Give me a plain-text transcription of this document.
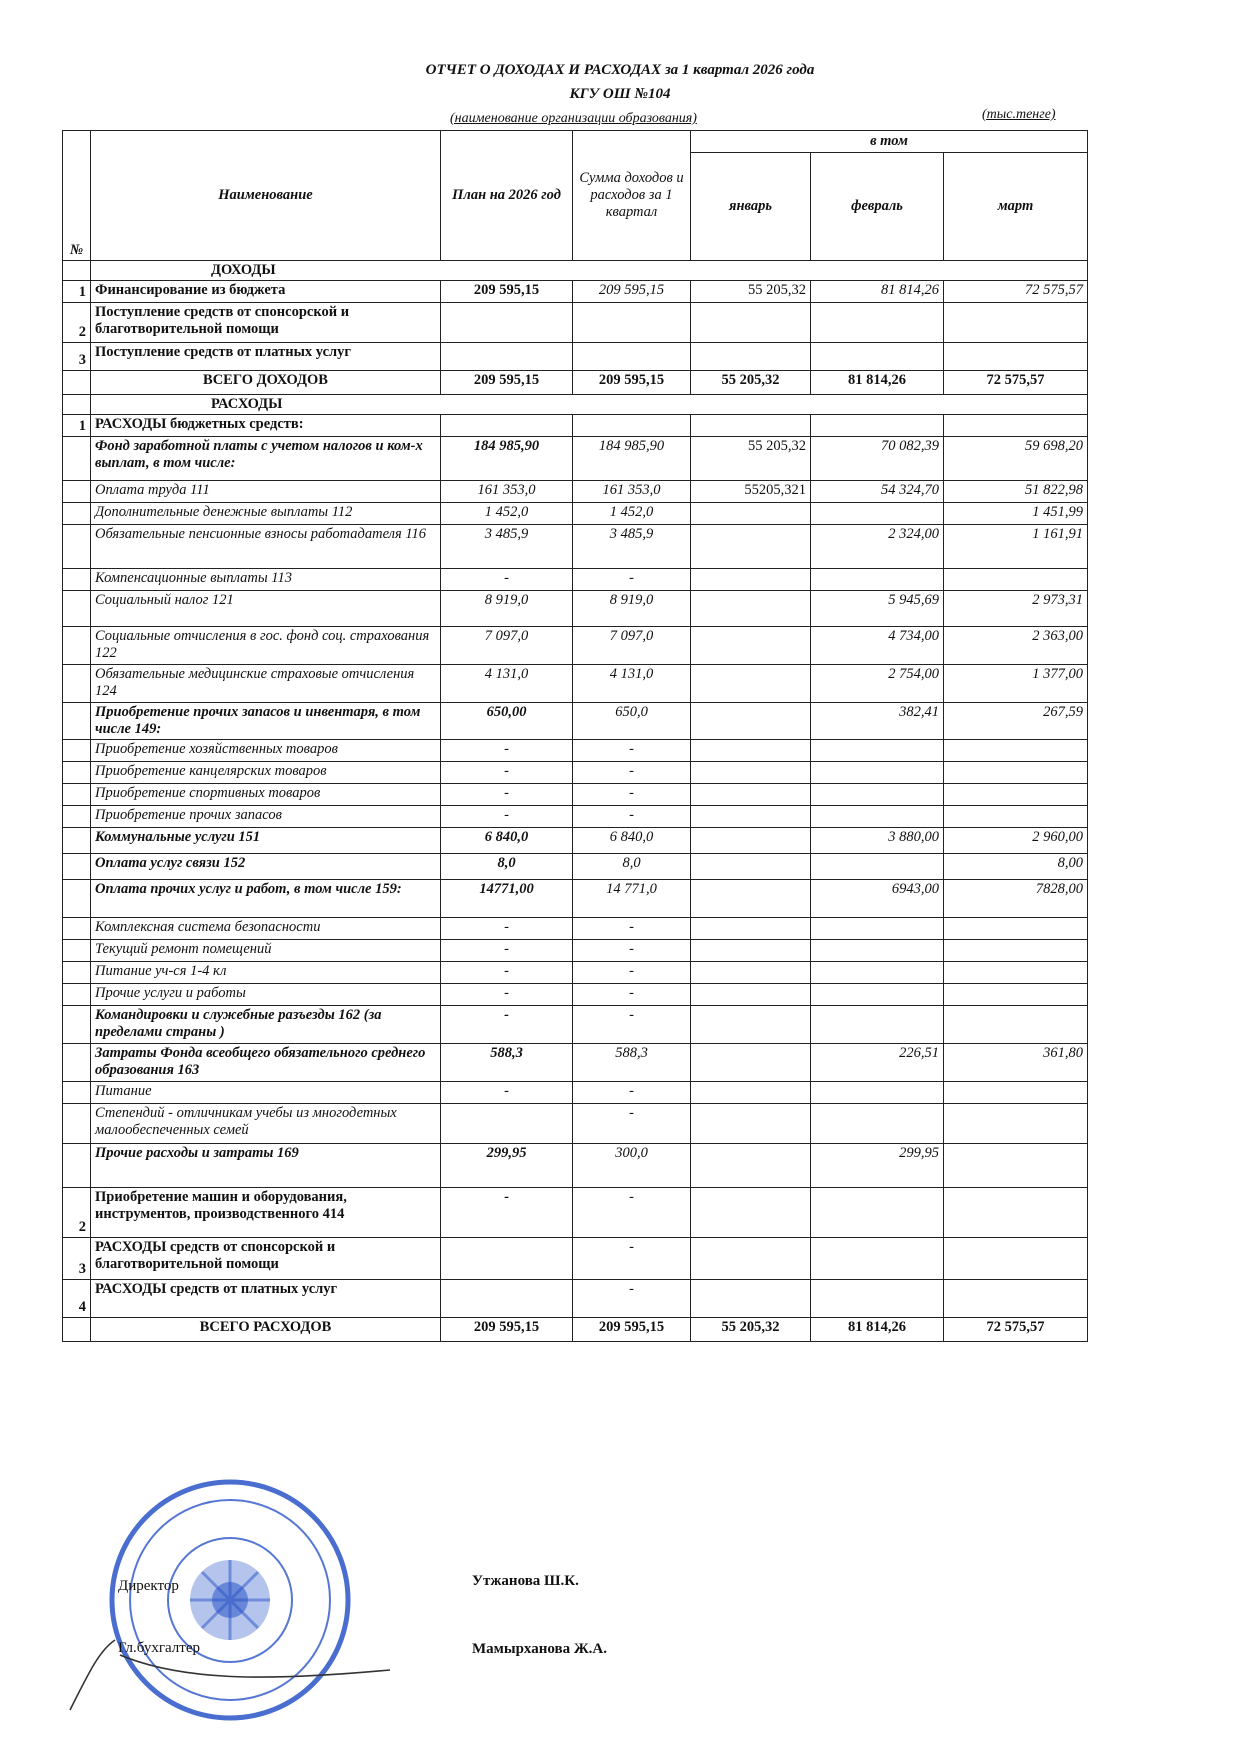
ОТЧЕТ О ДОХОДАХ И РАСХОДАХ за 1 квартал 2026 года
КГУ ОШ №104
(наименование организации образования)	(тыс.тенге)
№	Наименование	План на 2026 год	Сумма доходов и расходов за 1 квартал	в том		
				январь	февраль	март
	ДОХОДЫ					
1	Финансирование из бюджета	209 595,15	209 595,15	55 205,32	81 814,26	72 575,57
2	Поступление средств от спонсорской и благотворительной помощи					
3	Поступление средств от платных услуг					
	ВСЕГО ДОХОДОВ	209 595,15	209 595,15	55 205,32	81 814,26	72 575,57
	РАСХОДЫ					
1	РАСХОДЫ бюджетных средств:					
	Фонд заработной платы с учетом налогов и ком-х выплат, в том числе:	184 985,90	184 985,90	55 205,32	70 082,39	59 698,20
	Оплата труда 111	161 353,0	161 353,0	55205,321	54 324,70	51 822,98
	Дополнительные денежные выплаты 112	1 452,0	1 452,0			1 451,99
	Обязательные пенсионные взносы работадателя 116	3 485,9	3 485,9		2 324,00	1 161,91
	Компенсационные выплаты 113	-	-			
	Социальный налог 121	8 919,0	8 919,0		5 945,69	2 973,31
	Социальные отчисления в гос. фонд соц. страхования 122	7 097,0	7 097,0		4 734,00	2 363,00
	Обязательные медицинские страховые отчисления 124	4 131,0	4 131,0		2 754,00	1 377,00
	Приобретение прочих запасов и инвентаря, в том числе 149:	650,00	650,0		382,41	267,59
	Приобретение хозяйственных товаров	-	-			
	Приобретение канцелярских товаров	-	-			
	Приобретение спортивных товаров	-	-			
	Приобретение прочих запасов	-	-			
	Коммунальные услуги 151	6 840,0	6 840,0		3 880,00	2 960,00
	Оплата услуг связи 152	8,0	8,0			8,00
	Оплата прочих услуг и работ, в том числе 159:	14771,00	14 771,0		6943,00	7828,00
	Комплексная система безопасности	-	-			
	Текущий ремонт помещений	-	-			
	Питание уч-ся 1-4 кл	-	-			
	Прочие услуги и работы	-	-			
	Командировки и служебные разъезды 162 (за пределами страны )	-	-			
	Затраты Фонда всеобщего обязательного среднего образования 163	588,3	588,3		226,51	361,80
	Питание	-	-			
	Степендий - отличникам учебы из многодетных малообеспеченных семей		-			
	Прочие расходы и затраты 169	299,95	300,0		299,95	
2	Приобретение машин и оборудования, инструментов, производственного 414	-	-			
3	РАСХОДЫ средств от спонсорской и благотворительной помощи		-			
4	РАСХОДЫ средств от платных услуг		-			
	ВСЕГО РАСХОДОВ	209 595,15	209 595,15	55 205,32	81 814,26	72 575,57
Директор	Утжанова Ш.К.
Гл.бухгалтер	Мамырханова Ж.А.
